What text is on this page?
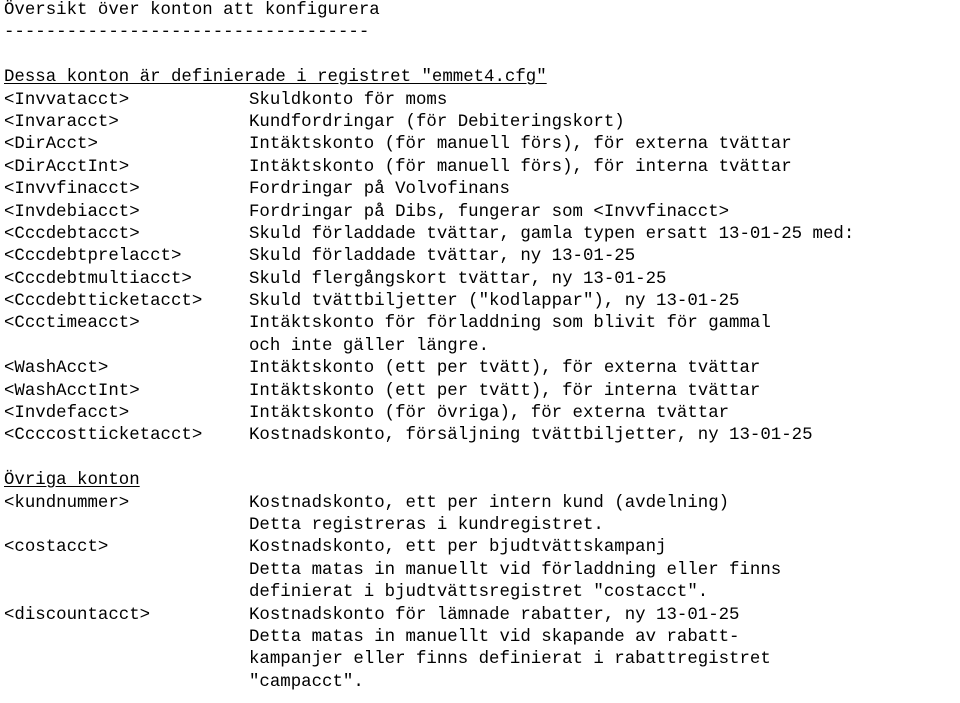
Översikt över konton att konfigurera
-----------------------------------
Dessa konton är definierade i registret "emmet4.cfg"
<Invvatacct>	Skuldkonto för moms
<Invaracct>	Kundfordringar (för Debiteringskort)
<DirAcct>	Intäktskonto (för manuell förs), för externa tvättar
<DirAcctInt>	Intäktskonto (för manuell förs), för interna tvättar
<Invvfinacct>	Fordringar på Volvofinans
<Invdebiacct>	Fordringar på Dibs, fungerar som <Invvfinacct>
<Cccdebtacct>	Skuld förladdade tvättar, gamla typen ersatt 13-01-25 med:
<Cccdebtprelacct>	Skuld förladdade tvättar, ny 13-01-25
<Cccdebtmultiacct>	Skuld flergångskort tvättar, ny 13-01-25
<Cccdebtticketacct>	Skuld tvättbiljetter ("kodlappar"), ny 13-01-25
<Ccctimeacct>	Intäktskonto för förladdning som blivit för gammal
och inte gäller längre.
<WashAcct>	Intäktskonto (ett per tvätt), för externa tvättar
<WashAcctInt>	Intäktskonto (ett per tvätt), för interna tvättar
<Invdefacct>	Intäktskonto (för övriga), för externa tvättar
<Ccccostticketacct>	Kostnadskonto, försäljning tvättbiljetter, ny 13-01-25
Övriga konton
<kundnummer>	Kostnadskonto, ett per intern kund (avdelning)
Detta registreras i kundregistret.
<costacct>	Kostnadskonto, ett per bjudtvättskampanj
Detta matas in manuellt vid förladdning eller finns
definierat i bjudtvättsregistret "costacct".
<discountacct>	Kostnadskonto för lämnade rabatter, ny 13-01-25
Detta matas in manuellt vid skapande av rabatt-
kampanjer eller finns definierat i rabattregistret
"campacct".
